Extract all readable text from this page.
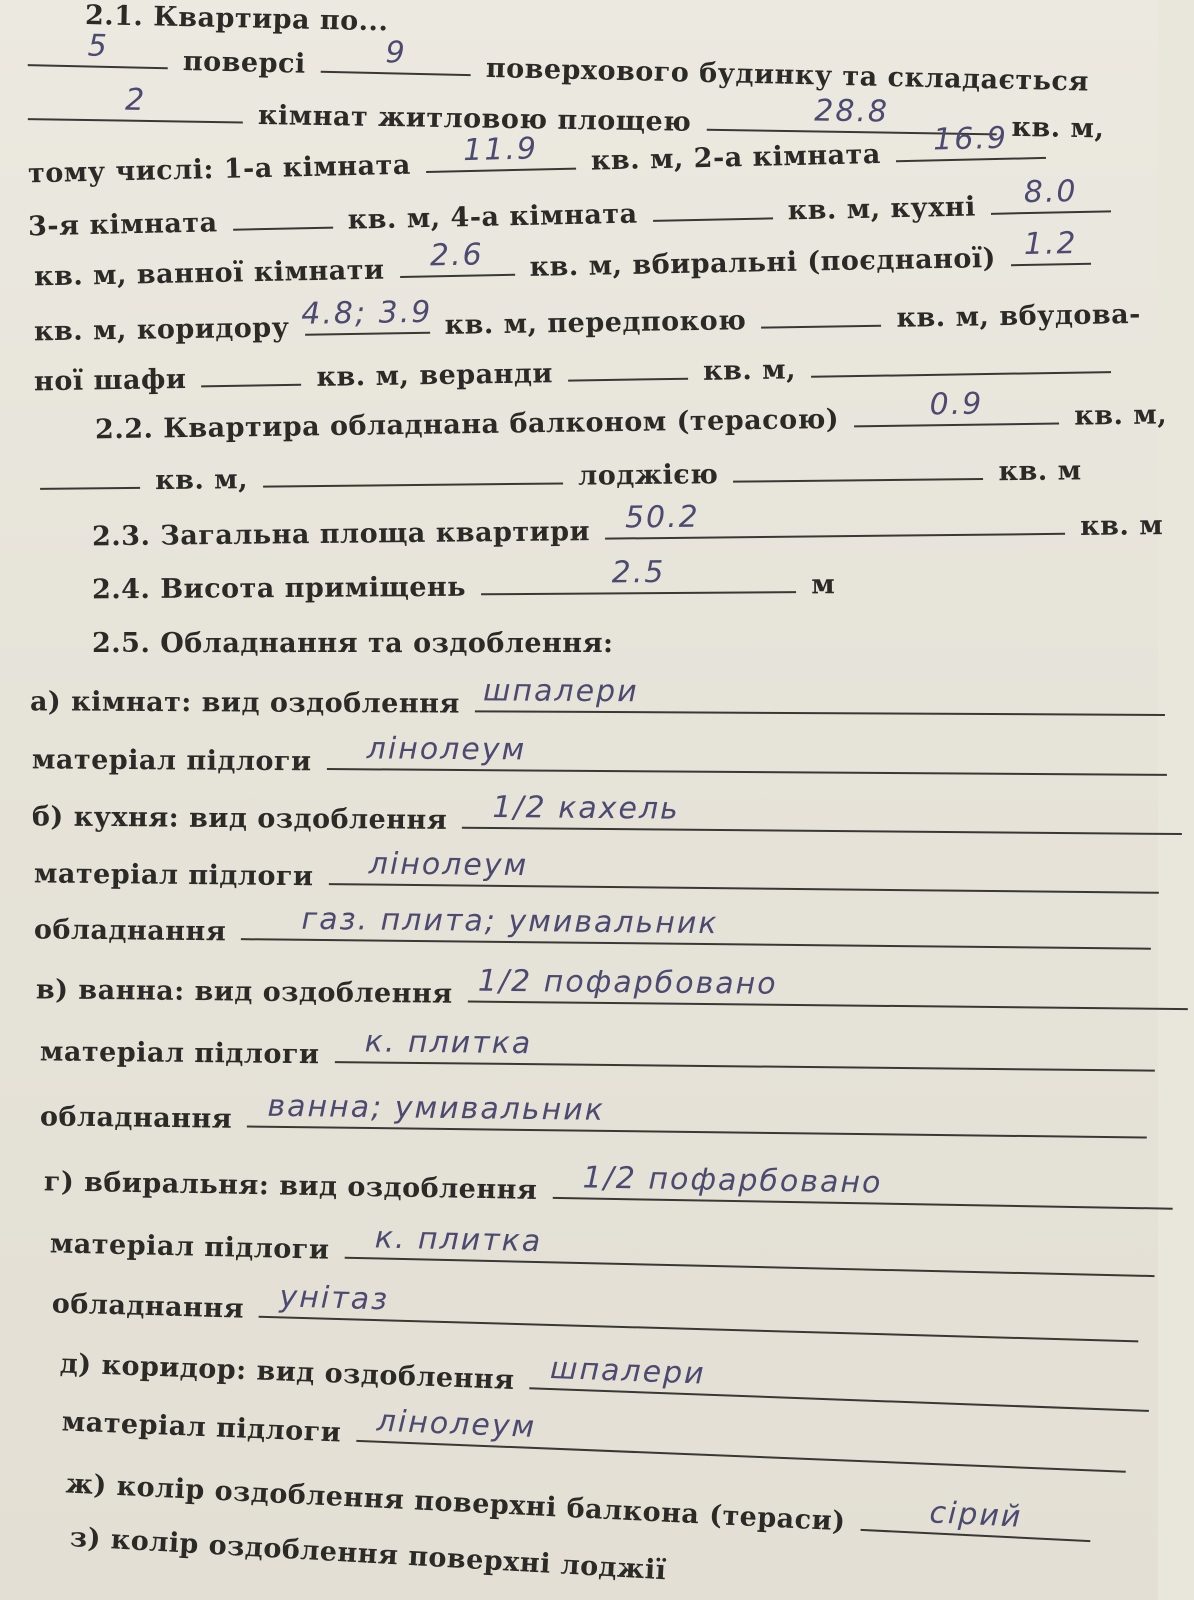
2.1. Квартира по...
5	поверсі	9	поверхового будинку та складається
2	кімнат житловою площею	28.8	кв. м,
тому числі: 1-а кімната 11.9 кв. м, 2-а кімната 16.9
3-я кімната	кв. м, 4-а кімната	кв. м, кухні 8.0
кв. м, ванної кімнати 2.6 кв. м, вбиральні (поєднаної) 1.2
кв. м, коридору 4.8; 3.9 кв. м, передпокою	кв. м, вбудова-
ної шафи	кв. м, веранди	кв. м,
2.2. Квартира обладнана балконом (терасою)	0.9	кв. м,
кв. м,	лоджією	кв. м
2.3. Загальна площа квартири 50.2	кв. м
2.4. Висота приміщень	2.5	м
2.5. Обладнання та оздоблення:
а) кімнат: вид оздоблення шпалери
матеріал підлоги лінолеум
б) кухня: вид оздоблення 1/2 кахель
матеріал підлоги лінолеум
обладнання газ. плита; умивальник
в) ванна: вид оздоблення 1/2 пофарбовано
матеріал підлоги к. плитка
обладнання ванна; умивальник
г) вбиральня: вид оздоблення 1/2 пофарбовано
матеріал підлоги к. плитка
обладнання унітаз
д) коридор: вид оздоблення шпалери
матеріал підлоги лінолеум
ж) колір оздоблення поверхні балкона (тераси)	сірий
з) колір оздоблення поверхні лоджії
